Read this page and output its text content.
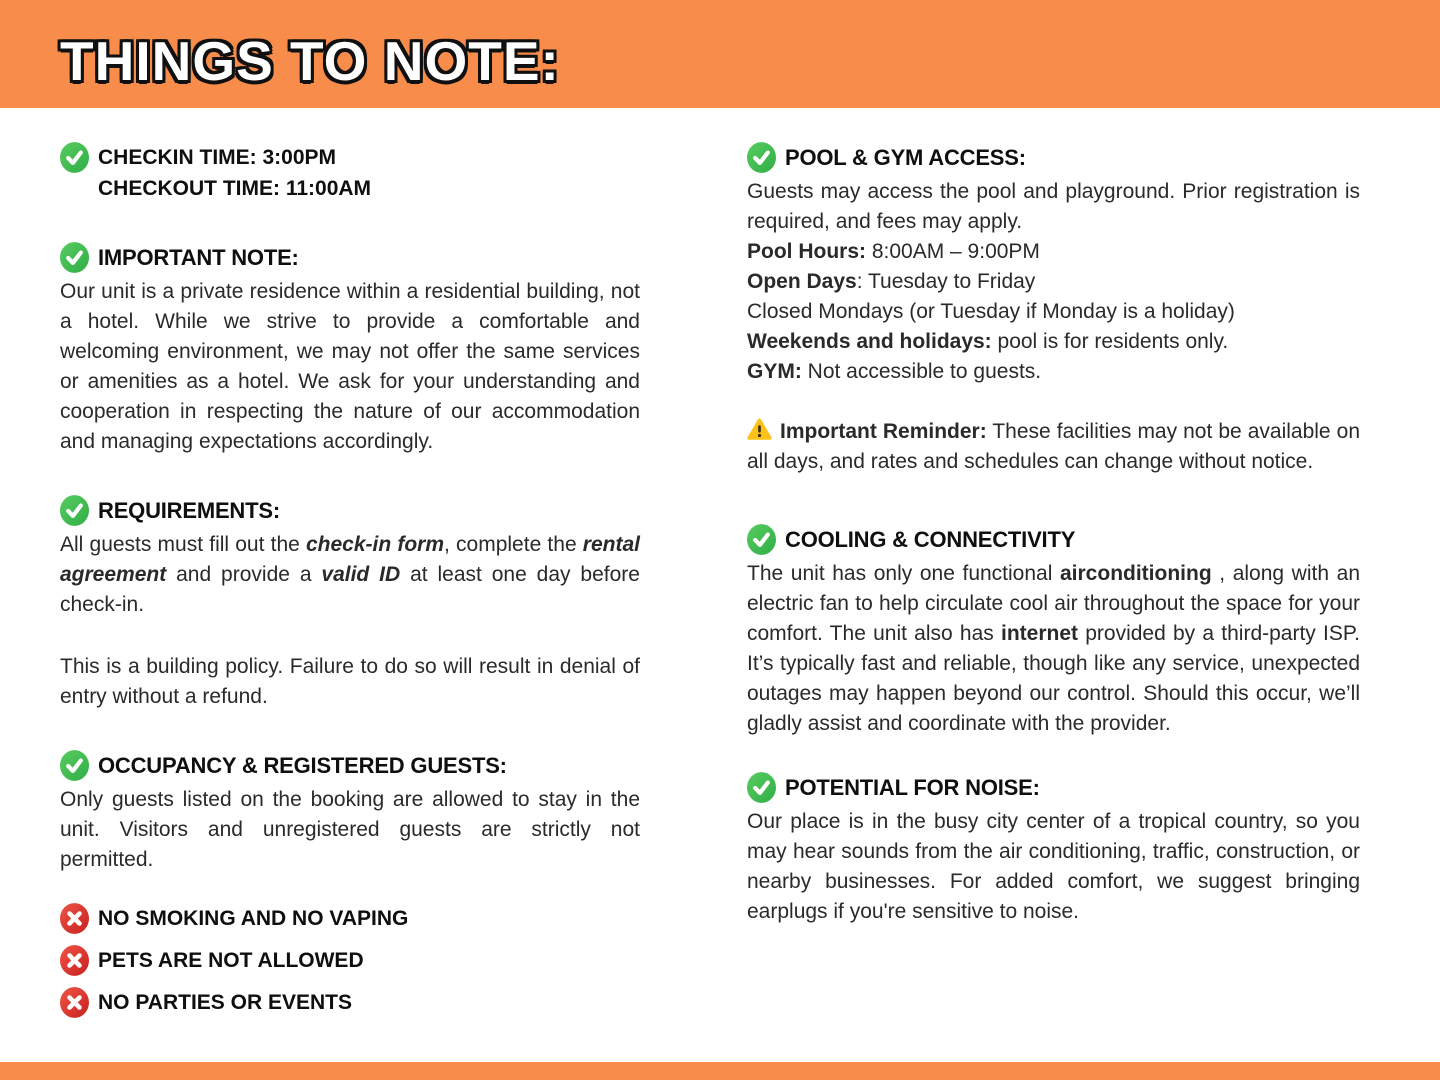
THINGS TO NOTE:
CHECKIN TIME: 3:00PM
CHECKOUT TIME: 11:00AM
IMPORTANT NOTE:

Our unit is a private residence within a residential building, not a hotel. While we strive to provide a comfortable and welcoming environment, we may not offer the same services or amenities as a hotel. We ask for your understanding and cooperation in respecting the nature of our accommodation and managing expectations accordingly.

REQUIREMENTS:

All guests must fill out the check-in form, complete the rental agreement and provide a valid ID at least one day before check-in.

This is a building policy. Failure to do so will result in denial of entry without a refund.

OCCUPANCY & REGISTERED GUESTS:

Only guests listed on the booking are allowed to stay in the unit. Visitors and unregistered guests are strictly not permitted.

NO SMOKING AND NO VAPING
PETS ARE NOT ALLOWED
NO PARTIES OR EVENTS
POOL & GYM ACCESS:

Guests may access the pool and playground. Prior registration is required, and fees may apply.

Pool Hours: 8:00AM – 9:00PM

Open Days: Tuesday to Friday

Closed Mondays (or Tuesday if Monday is a holiday)

Weekends and holidays: pool is for residents only.

GYM: Not accessible to guests.

Important Reminder: These facilities may not be available on all days, and rates and schedules can change without notice.

COOLING & CONNECTIVITY

The unit has only one functional airconditioning , along with an electric fan to help circulate cool air throughout the space for your comfort. The unit also has internet provided by a third-party ISP. It’s typically fast and reliable, though like any service, unexpected outages may happen beyond our control. Should this occur, we’ll gladly assist and coordinate with the provider.

POTENTIAL FOR NOISE:

Our place is in the busy city center of a tropical country, so you may hear sounds from the air conditioning, traffic, construction, or nearby businesses. For added comfort, we suggest bringing earplugs if you're sensitive to noise.
